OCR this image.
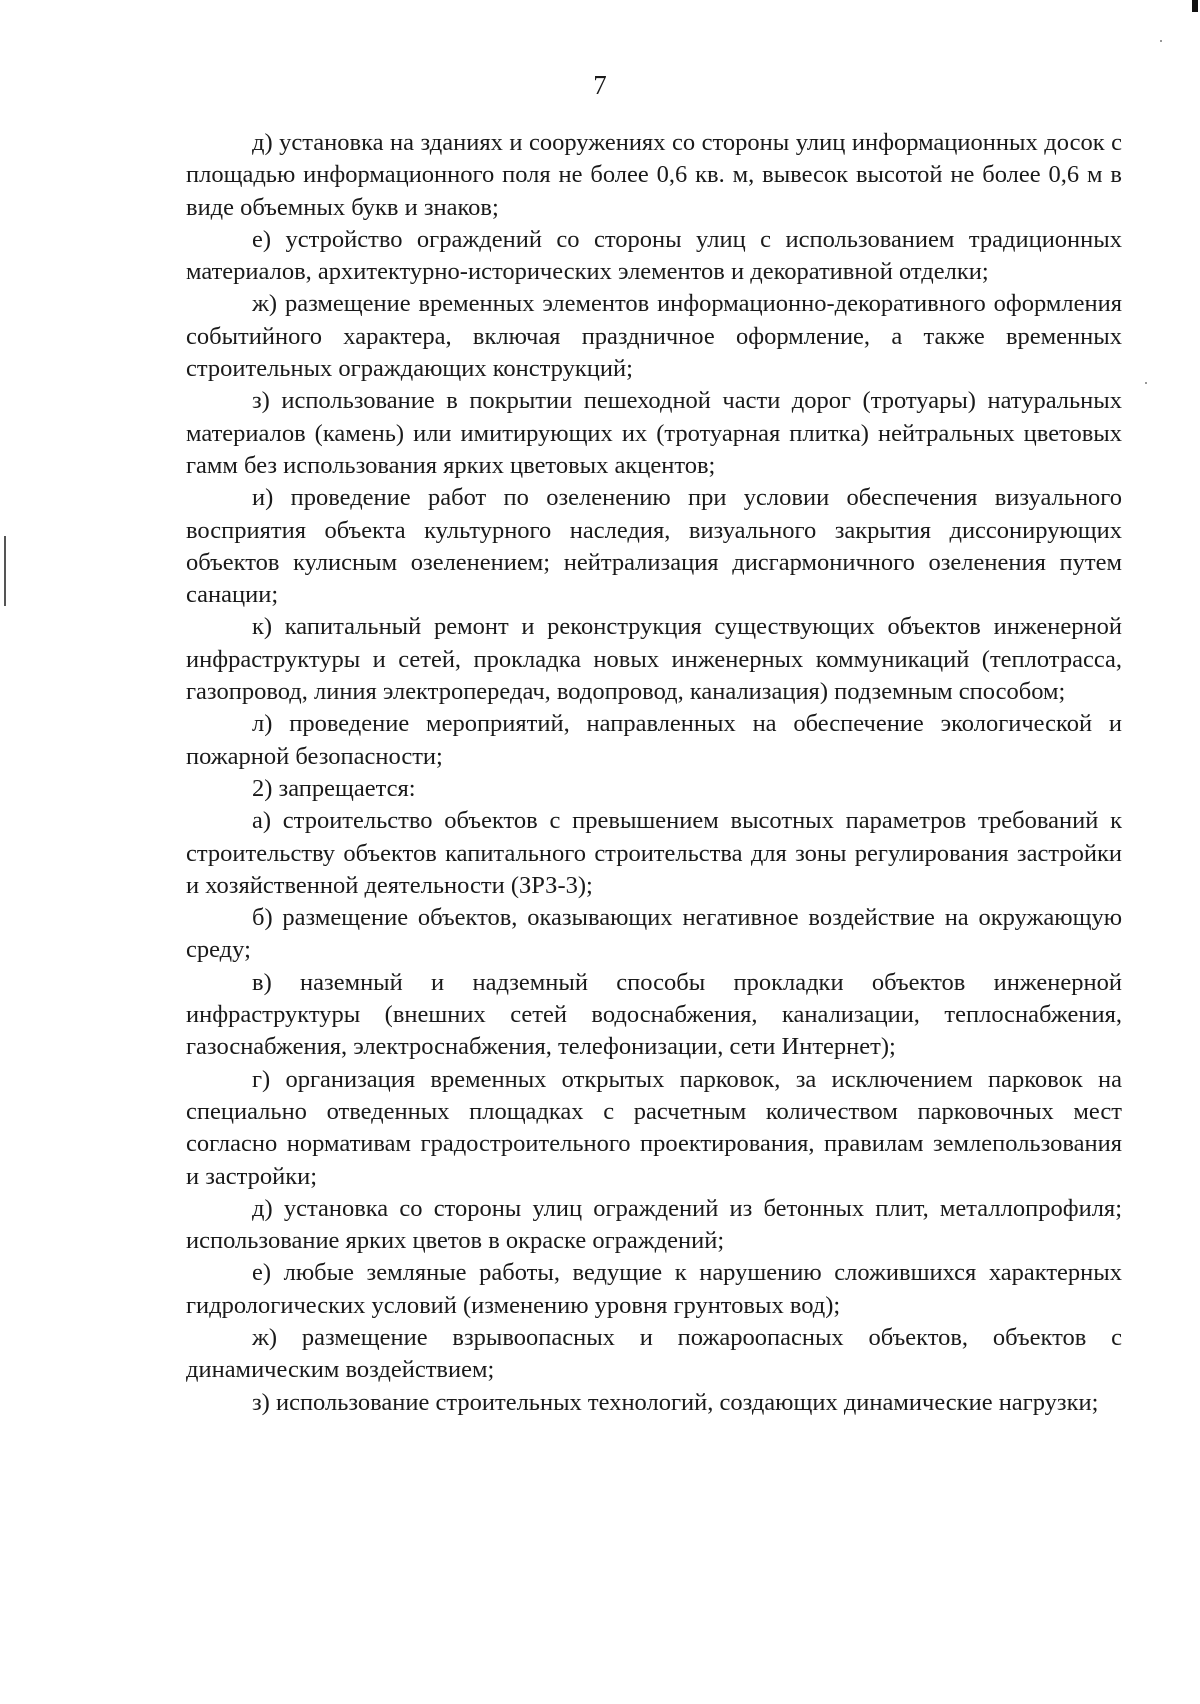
7

д) установка на зданиях и сооружениях со стороны улиц информационных досок с площадью информационного поля не более 0,6 кв. м, вывесок высотой не более 0,6 м в виде объемных букв и знаков;

е) устройство ограждений со стороны улиц с использованием традиционных материалов, архитектурно-исторических элементов и декоративной отделки;

ж) размещение временных элементов информационно-декоративного оформления событийного характера, включая праздничное оформление, а также временных строительных ограждающих конструкций;

з) использование в покрытии пешеходной части дорог (тротуары) натуральных материалов (камень) или имитирующих их (тротуарная плитка) нейтральных цветовых гамм без использования ярких цветовых акцентов;

и) проведение работ по озеленению при условии обеспечения визуального восприятия объекта культурного наследия, визуального закрытия диссонирующих объектов кулисным озеленением; нейтрализация дисгармоничного озеленения путем санации;

к) капитальный ремонт и реконструкция существующих объектов инженерной инфраструктуры и сетей, прокладка новых инженерных коммуникаций (теплотрасса, газопровод, линия электропередач, водопровод, канализация) подземным способом;

л) проведение мероприятий, направленных на обеспечение экологической и пожарной безопасности;

2) запрещается:

а) строительство объектов с превышением высотных параметров требований к строительству объектов капитального строительства для зоны регулирования застройки и хозяйственной деятельности (ЗРЗ-3);

б) размещение объектов, оказывающих негативное воздействие на окружающую среду;

в) наземный и надземный способы прокладки объектов инженерной инфраструктуры (внешних сетей водоснабжения, канализации, теплоснабжения, газоснабжения, электроснабжения, телефонизации, сети Интернет);

г) организация временных открытых парковок, за исключением парковок на специально отведенных площадках с расчетным количеством парковочных мест согласно нормативам градостроительного проектирования, правилам землепользования и застройки;

д) установка со стороны улиц ограждений из бетонных плит, металлопрофиля; использование ярких цветов в окраске ограждений;

е) любые земляные работы, ведущие к нарушению сложившихся характерных гидрологических условий (изменению уровня грунтовых вод);

ж) размещение взрывоопасных и пожароопасных объектов, объектов с динамическим воздействием;

з) использование строительных технологий, создающих динамические нагрузки;
